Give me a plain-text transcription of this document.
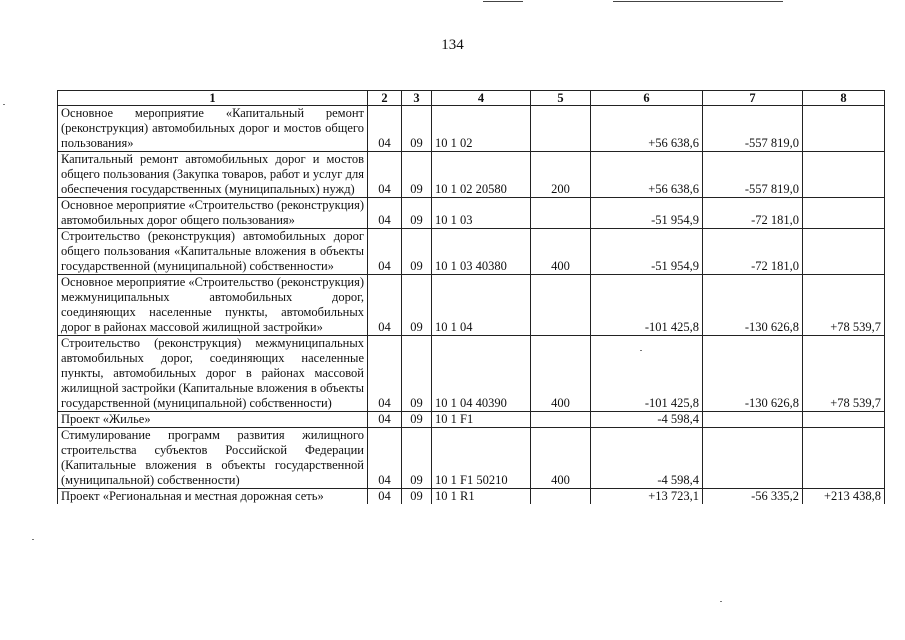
134
1	2	3	4	5	6	7	8
Основное мероприятие «Капитальный ремонт (реконструкция) автомобильных дорог и мостов общего пользования»	04	09	10 1 02		+56 638,6	-557 819,0	
Капитальный ремонт автомобильных дорог и мостов общего пользования (Закупка товаров, работ и услуг для обеспечения государственных (муниципальных) нужд)	04	09	10 1 02 20580	200	+56 638,6	-557 819,0	
Основное мероприятие «Строительство (реконструкция) автомобильных дорог общего пользования»	04	09	10 1 03		-51 954,9	-72 181,0	
Строительство (реконструкция) автомобильных дорог общего пользования «Капитальные вложения в объекты государственной (муниципальной) собственности»	04	09	10 1 03 40380	400	-51 954,9	-72 181,0	
Основное мероприятие «Строительство (реконструкция) межмуниципальных автомобильных дорог, соединяющих населенные пункты, автомобильных дорог в районах массовой жилищной застройки»	04	09	10 1 04		-101 425,8	-130 626,8	+78 539,7
Строительство (реконструкция) межмуниципальных автомобильных дорог, соединяющих населенные пункты, автомобильных дорог в районах массовой жилищной застройки (Капитальные вложения в объекты государственной (муниципальной) собственности)	04	09	10 1 04 40390	400	-101 425,8	-130 626,8	+78 539,7
Проект «Жилье»	04	09	10 1 F1		-4 598,4		
Стимулирование программ развития жилищного строительства субъектов Российской Федерации (Капитальные вложения в объекты государственной (муниципальной) собственности)	04	09	10 1 F1 50210	400	-4 598,4		
Проект «Региональная и местная дорожная сеть»	04	09	10 1 R1		+13 723,1	-56 335,2	+213 438,8
